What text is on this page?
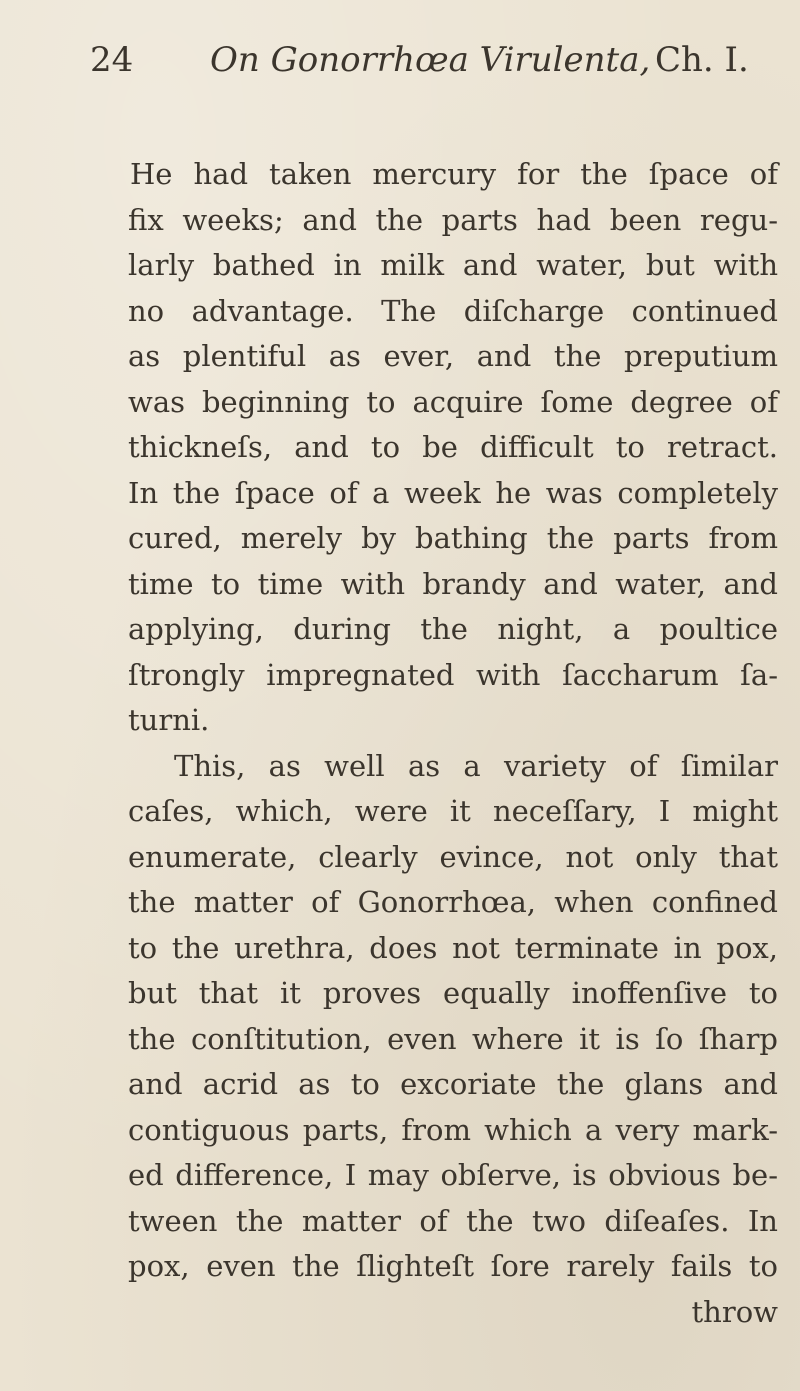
24 On Gonorrhœa Virulenta, Ch. I.
He had taken mercury for the ſpace of
fix weeks; and the parts had been regu-
larly bathed in milk and water, but with
no advantage. The diſcharge continued
as plentiful as ever, and the preputium
was beginning to acquire ſome degree of
thickneſs, and to be difficult to retract.
In the ſpace of a week he was completely
cured, merely by bathing the parts from
time to time with brandy and water, and
applying, during the night, a poultice
ſtrongly impregnated with ſaccharum ſa-
turni.
This, as well as a variety of ſimilar
caſes, which, were it neceſſary, I might
enumerate, clearly evince, not only that
the matter of Gonorrhœa, when confined
to the urethra, does not terminate in pox,
but that it proves equally inoffenſive to
the conſtitution, even where it is ſo ſharp
and acrid as to excoriate the glans and
contiguous parts, from which a very mark-
ed difference, I may obſerve, is obvious be-
tween the matter of the two diſeaſes. In
pox, even the ſlighteſt ſore rarely fails to
throw
